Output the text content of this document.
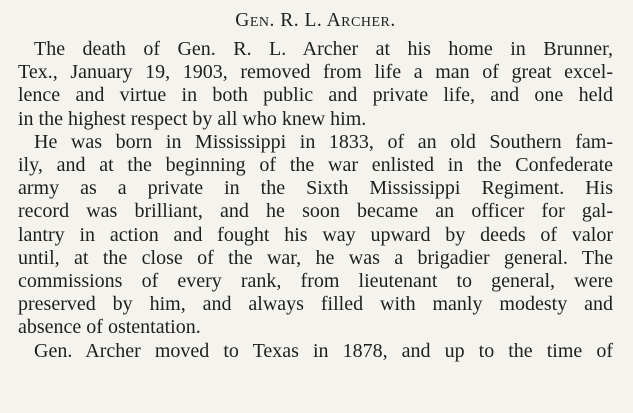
Gen. R. L. Archer.

The death of Gen. R. L. Archer at his home in Brunner,
Tex., January 19, 1903, removed from life a man of great excel-
lence and virtue in both public and private life, and one held
in the highest respect by all who knew him.

He was born in Mississippi in 1833, of an old Southern fam-
ily, and at the beginning of the war enlisted in the Confederate
army as a private in the Sixth Mississippi Regiment. His
record was brilliant, and he soon became an officer for gal-
lantry in action and fought his way upward by deeds of valor
until, at the close of the war, he was a brigadier general. The
commissions of every rank, from lieutenant to general, were
preserved by him, and always filled with manly modesty and
absence of ostentation.

Gen. Archer moved to Texas in 1878, and up to the time of
